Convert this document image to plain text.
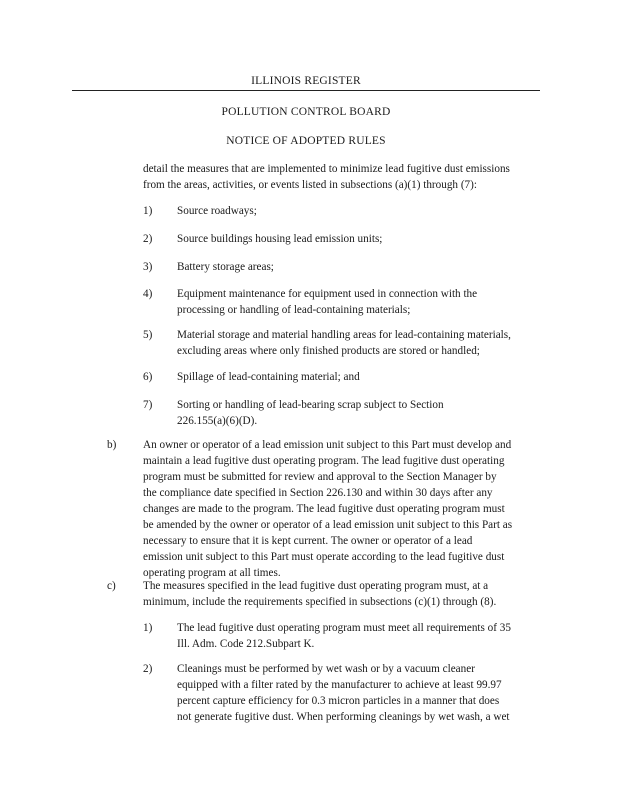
ILLINOIS REGISTER
POLLUTION CONTROL BOARD
NOTICE OF ADOPTED RULES
detail the measures that are implemented to minimize lead fugitive dust emissions
from the areas, activities, or events listed in subsections (a)(1) through (7):
1) Source roadways;
2) Source buildings housing lead emission units;
3) Battery storage areas;
4) Equipment maintenance for equipment used in connection with the
processing or handling of lead-containing materials;
5) Material storage and material handling areas for lead-containing materials,
excluding areas where only finished products are stored or handled;
6) Spillage of lead-containing material; and
7) Sorting or handling of lead-bearing scrap subject to Section
226.155(a)(6)(D).
b) An owner or operator of a lead emission unit subject to this Part must develop and
maintain a lead fugitive dust operating program. The lead fugitive dust operating
program must be submitted for review and approval to the Section Manager by
the compliance date specified in Section 226.130 and within 30 days after any
changes are made to the program. The lead fugitive dust operating program must
be amended by the owner or operator of a lead emission unit subject to this Part as
necessary to ensure that it is kept current. The owner or operator of a lead
emission unit subject to this Part must operate according to the lead fugitive dust
operating program at all times.
c) The measures specified in the lead fugitive dust operating program must, at a
minimum, include the requirements specified in subsections (c)(1) through (8).
1) The lead fugitive dust operating program must meet all requirements of 35
Ill. Adm. Code 212.Subpart K.
2) Cleanings must be performed by wet wash or by a vacuum cleaner
equipped with a filter rated by the manufacturer to achieve at least 99.97
percent capture efficiency for 0.3 micron particles in a manner that does
not generate fugitive dust. When performing cleanings by wet wash, a wet
